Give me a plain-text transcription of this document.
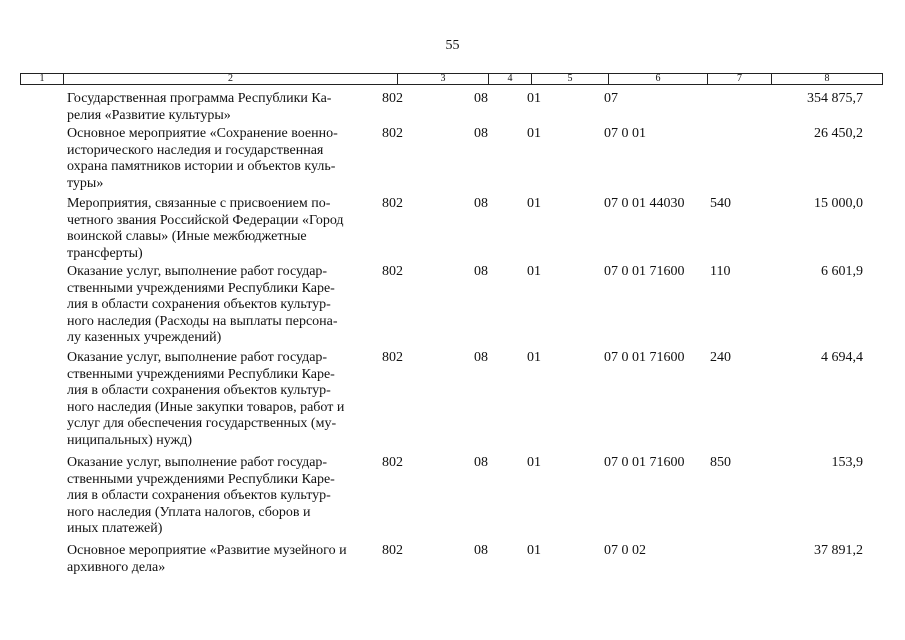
55
1	2	3	4	5	6	7	8
Государственная программа Республики Ка-
релия «Развитие культуры»
802	08	01	07	354 875,7
Основное мероприятие «Сохранение военно-
исторического наследия и государственная
охрана памятников истории и объектов куль-
туры»
802	08	01	07 0 01	26 450,2
Мероприятия, связанные с присвоением по-
четного звания Российской Федерации «Город
воинской славы» (Иные межбюджетные
трансферты)
802	08	01	07 0 01 44030 540	15 000,0
Оказание услуг, выполнение работ государ-
ственными учреждениями Республики Каре-
лия в области сохранения объектов культур-
ного наследия (Расходы на выплаты персона-
лу казенных учреждений)
802	08	01	07 0 01 71600 110	6 601,9
Оказание услуг, выполнение работ государ-
ственными учреждениями Республики Каре-
лия в области сохранения объектов культур-
ного наследия (Иные закупки товаров, работ и
услуг для обеспечения государственных (му-
ниципальных) нужд)
802	08	01	07 0 01 71600 240	4 694,4
Оказание услуг, выполнение работ государ-
ственными учреждениями Республики Каре-
лия в области сохранения объектов культур-
ного наследия (Уплата налогов, сборов и
иных платежей)
802	08	01	07 0 01 71600 850	153,9
Основное мероприятие «Развитие музейного и
архивного дела»
802	08	01	07 0 02	37 891,2
